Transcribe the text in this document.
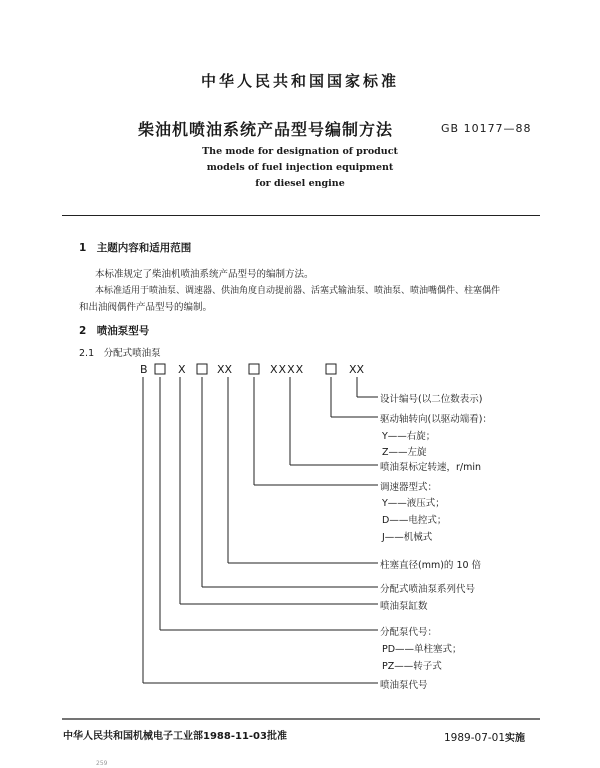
中华人民共和国国家标准
柴油机喷油系统产品型号编制方法	GB 10177—88
The mode for designation of product
models of fuel injection equipment
for diesel engine
1　主题内容和适用范围
本标准规定了柴油机喷油系统产品型号的编制方法。
本标准适用于喷油泵、调速器、供油角度自动提前器、活塞式输油泵、喷油泵、喷油嘴偶件、柱塞偶件
和出油阀偶件产品型号的编制。
2　喷油泵型号
2.1　分配式喷油泵
B	X	XX	XXXX	XX
设计编号(以二位数表示)
驱动轴转向(以驱动端看)：
Y——右旋；
Z——左旋
喷油泵标定转速，r/min
调速器型式：
Y——液压式；
D——电控式；
J——机械式
柱塞直径(mm)的 10 倍
分配式喷油泵系列代号
喷油泵缸数
分配泵代号：
PD——单柱塞式；
PZ——转子式
喷油泵代号
中华人民共和国机械电子工业部1988-11-03批准	1989-07-01实施
259
